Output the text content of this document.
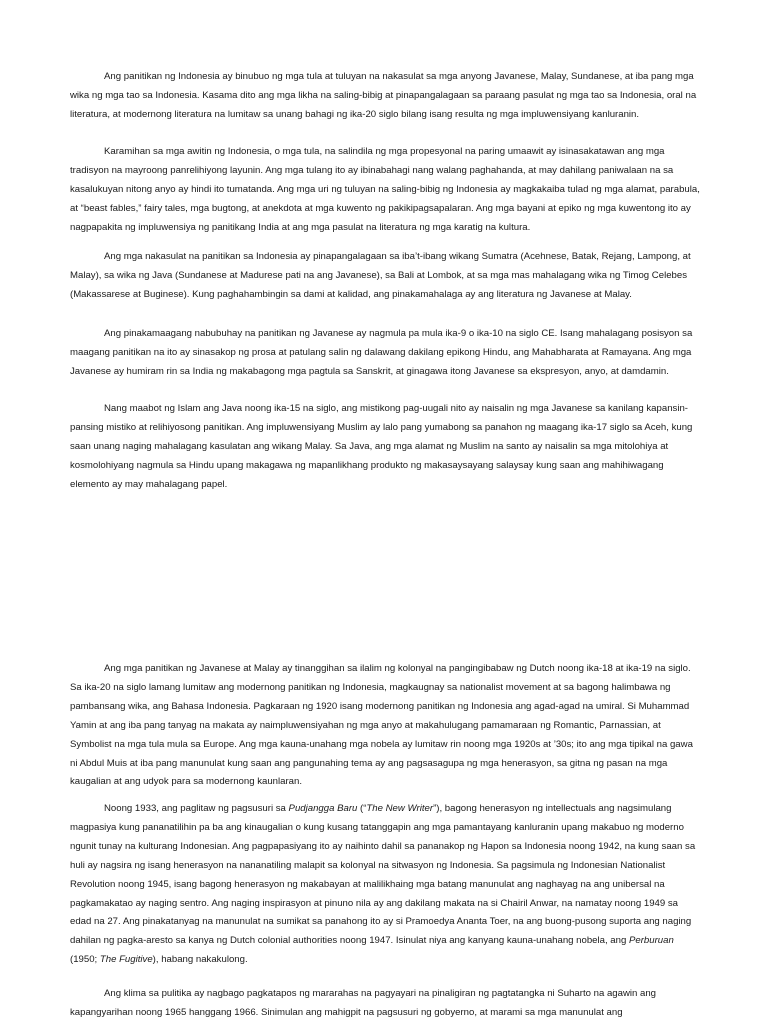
Ang panitikan ng Indonesia ay binubuo ng mga tula at tuluyan na nakasulat sa mga anyong Javanese, Malay, Sundanese, at iba pang mga wika ng mga tao sa Indonesia. Kasama dito ang mga likha na saling-bibig at pinapangalagaan sa paraang pasulat ng mga tao sa Indonesia, oral na literatura, at modernong literatura na lumitaw sa unang bahagi ng ika-20 siglo bilang isang resulta ng mga impluwensiyang kanluranin.

Karamihan sa mga awitin ng Indonesia, o mga tula, na salindila ng mga propesyonal na paring umaawit ay isinasakatawan ang mga tradisyon na mayroong panrelihiyong layunin. Ang mga tulang ito ay ibinabahagi nang walang paghahanda, at may dahilang paniwalaan na sa kasalukuyan nitong anyo ay hindi ito tumatanda. Ang mga uri ng tuluyan na saling-bibig ng Indonesia ay magkakaiba tulad ng mga alamat, parabula, at “beast fables,” fairy tales, mga bugtong, at anekdota at mga kuwento ng pakikipagsapalaran. Ang mga bayani at epiko ng mga kuwentong ito ay nagpapakita ng impluwensiya ng panitikang India at ang mga pasulat na literatura ng mga karatig na kultura.

Ang mga nakasulat na panitikan sa Indonesia ay pinapangalagaan sa iba’t-ibang wikang Sumatra (Acehnese, Batak, Rejang, Lampong, at Malay), sa wika ng Java (Sundanese at Madurese pati na ang Javanese), sa Bali at Lombok, at sa mga mas mahalagang wika ng Timog Celebes (Makassarese at Buginese). Kung paghahambingin sa dami at kalidad, ang pinakamahalaga ay ang literatura ng Javanese at Malay.

Ang pinakamaagang nabubuhay na panitikan ng Javanese ay nagmula pa mula ika-9 o ika-10 na siglo CE. Isang mahalagang posisyon sa maagang panitikan na ito ay sinasakop ng prosa at patulang salin ng dalawang dakilang epikong Hindu, ang Mahabharata at Ramayana. Ang mga Javanese ay humiram rin sa India ng makabagong mga pagtula sa Sanskrit, at ginagawa itong Javanese sa ekspresyon, anyo, at damdamin.

Nang maabot ng Islam ang Java noong ika-15 na siglo, ang mistikong pag-uugali nito ay naisalin ng mga Javanese sa kanilang kapansin-pansing mistiko at relihiyosong panitikan. Ang impluwensiyang Muslim ay lalo pang yumabong sa panahon ng maagang ika-17 siglo sa Aceh, kung saan unang naging mahalagang kasulatan ang wikang Malay. Sa Java, ang mga alamat ng Muslim na santo ay naisalin sa mga mitolohiya at kosmolohiyang nagmula sa Hindu upang makagawa ng mapanlikhang produkto ng makasaysayang salaysay kung saan ang mahihiwagang elemento ay may mahalagang papel.

Ang mga panitikan ng Javanese at Malay ay tinanggihan sa ilalim ng kolonyal na pangingibabaw ng Dutch noong ika-18 at ika-19 na siglo. Sa ika-20 na siglo lamang lumitaw ang modernong panitikan ng Indonesia, magkaugnay sa nationalist movement at sa bagong halimbawa ng pambansang wika, ang Bahasa Indonesia. Pagkaraan ng 1920 isang modernong panitikan ng Indonesia ang agad-agad na umiral. Si Muhammad Yamin at ang iba pang tanyag na makata ay naimpluwensiyahan ng mga anyo at makahulugang pamamaraan ng Romantic, Parnassian, at Symbolist na mga tula mula sa Europe. Ang mga kauna-unahang mga nobela ay lumitaw rin noong mga 1920s at ’30s; ito ang mga tipikal na gawa ni Abdul Muis at iba pang manunulat kung saan ang pangunahing tema ay ang pagsasagupa ng mga henerasyon, sa gitna ng pasan na mga kaugalian at ang udyok para sa modernong kaunlaran.

Noong 1933, ang paglitaw ng pagsusuri sa Pudjangga Baru (“The New Writer”), bagong henerasyon ng intellectuals ang nagsimulang magpasiya kung pananatilihin pa ba ang kinaugalian o kung kusang tatanggapin ang mga pamantayang kanluranin upang makabuo ng moderno ngunit tunay na kulturang Indonesian. Ang pagpapasiyang ito ay naihinto dahil sa pananakop ng Hapon sa Indonesia noong 1942, na kung saan sa huli ay nagsira ng isang henerasyon na nananatiling malapit sa kolonyal na sitwasyon ng Indonesia. Sa pagsimula ng Indonesian Nationalist Revolution noong 1945, isang bagong henerasyon ng makabayan at malilikhaing mga batang manunulat ang naghayag na ang unibersal na pagkamakatao ay naging sentro. Ang naging inspirasyon at pinuno nila ay ang dakilang makata na si Chairil Anwar, na namatay noong 1949 sa edad na 27. Ang pinakatanyag na manunulat na sumikat sa panahong ito ay si Pramoedya Ananta Toer, na ang buong-pusong suporta ang naging dahilan ng pagka-aresto sa kanya ng Dutch colonial authorities noong 1947. Isinulat niya ang kanyang kauna-unahang nobela, ang Perburuan (1950; The Fugitive), habang nakakulong.

Ang klima sa pulitika ay nagbago pagkatapos ng mararahas na pagyayari na pinaligiran ng pagtatangka ni Suharto na agawin ang kapangyarihan noong 1965 hanggang 1966. Sinimulan ang mahigpit na pagsusuri ng gobyerno, at marami sa mga manunulat ang
